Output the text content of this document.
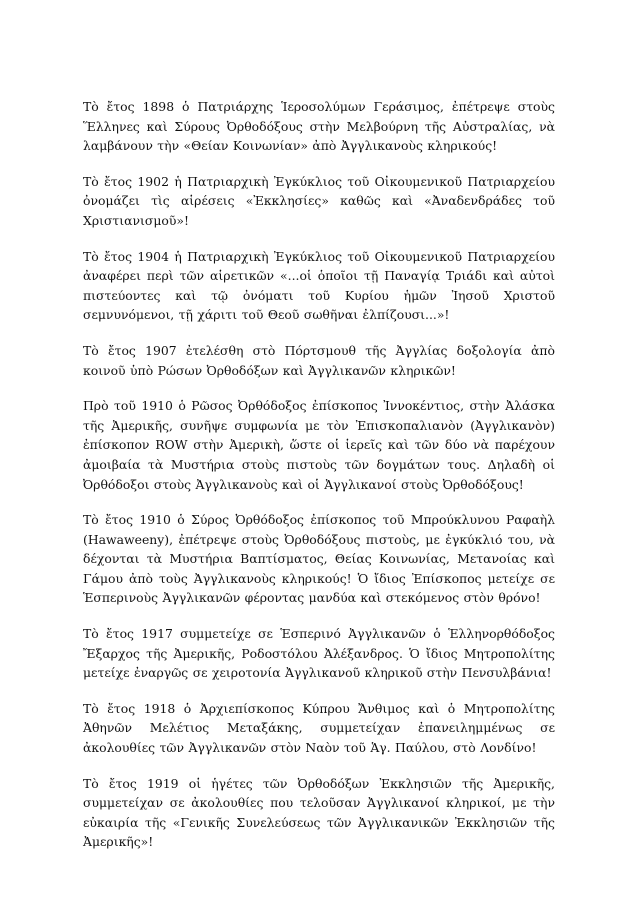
Τὸ ἔτος 1898 ὁ Πατριάρχης Ἱεροσολύμων Γεράσιμος, ἐπέτρεψε στοὺς Ἕλληνες καὶ Σύρους Ὀρθοδόξους στὴν Μελβούρνη τῆς Αὐστραλίας, νὰ λαμβάνουν τὴν «Θείαν Κοινωνίαν» ἀπὸ Ἀγγλικανοὺς κληρικούς!

Τὸ ἔτος 1902 ἡ Πατριαρχικὴ Ἐγκύκλιος τοῦ Οἰκουμενικοῦ Πατριαρχείου ὀνομάζει τὶς αἱρέσεις «Ἐκκλησίες» καθῶς καὶ «Ἀναδενδράδες τοῦ Χριστιανισμοῦ»!

Τὸ ἔτος 1904 ἡ Πατριαρχικὴ Ἐγκύκλιος τοῦ Οἰκουμενικοῦ Πατριαρχείου ἀναφέρει περὶ τῶν αἱρετικῶν «...οἱ ὁποῖοι τῇ Παναγίᾳ Τριάδι καὶ αὐτοὶ πιστεύοντες καὶ τῷ ὀνόματι τοῦ Κυρίου ἡμῶν Ἰησοῦ Χριστοῦ σεμνυνόμενοι, τῇ χάριτι τοῦ Θεοῦ σωθῆναι ἐλπίζουσι...»!

Τὸ ἔτος 1907 ἐτελέσθη στὸ Πόρτσμουθ τῆς Ἀγγλίας δοξολογία ἀπὸ κοινοῦ ὑπὸ Ρώσων Ὀρθοδόξων καὶ Ἀγγλικανῶν κληρικῶν!

Πρὸ τοῦ 1910 ὁ Ρῶσος Ὀρθόδοξος ἐπίσκοπος Ἰννοκέντιος, στὴν Ἀλάσκα τῆς Ἀμερικῆς, συνῆψε συμφωνία με τὸν Ἐπισκοπαλιανὸν (Ἀγγλικανὸν) ἐπίσκοπον ROW στὴν Ἀμερικὴ, ὥστε οἱ ἱερεῖς καὶ τῶν δύο νὰ παρέχουν ἀμοιβαία τὰ Μυστήρια στοὺς πιστοὺς τῶν δογμάτων τους. Δηλαδὴ οἱ Ὀρθόδοξοι στοὺς Ἀγγλικανοὺς καὶ οἱ Ἀγγλικανοί στοὺς Ὀρθοδόξους!

Τὸ ἔτος 1910 ὁ Σύρος Ὀρθόδοξος ἐπίσκοπος τοῦ Μπρούκλυνου Ραφαὴλ (Hawaweeny), ἐπέτρεψε στοὺς Ὀρθοδόξους πιστοὺς, με ἐγκύκλιό του, νὰ δέχονται τὰ Μυστήρια Βαπτίσματος, Θείας Κοινωνίας, Μετανοίας καὶ Γάμου ἀπὸ τοὺς Ἀγγλικανοὺς κληρικούς! Ὁ ἴδιος Ἐπίσκοπος μετείχε σε Ἑσπερινοὺς Ἀγγλικανῶν φέροντας μανδύα καὶ στεκόμενος στὸν θρόνο!

Τὸ ἔτος 1917 συμμετείχε σε Ἑσπερινό Ἀγγλικανῶν ὁ Ἑλληνορθόδοξος Ἔξαρχος τῆς Ἀμερικῆς, Ροδοστόλου Ἀλέξανδρος. Ὁ ἴδιος Μητροπολίτης μετείχε ἐναργῶς σε χειροτονία Ἀγγλικανοῦ κληρικοῦ στὴν Πενσυλβάνια!

Τὸ ἔτος 1918 ὁ Ἀρχιεπίσκοπος Κύπρου Ἄνθιμος καὶ ὁ Μητροπολίτης Ἀθηνῶν Μελέτιος Μεταξάκης, συμμετείχαν ἐπανειλημμένως σε ἀκολουθίες τῶν Ἀγγλικανῶν στὸν Ναὸν τοῦ Ἁγ. Παύλου, στὸ Λονδίνο!

Τὸ ἔτος 1919 οἱ ἡγέτες τῶν Ὀρθοδόξων Ἐκκλησιῶν τῆς Ἀμερικῆς, συμμετείχαν σε ἀκολουθίες που τελοῦσαν Ἀγγλικανοί κληρικοί, με τὴν εὐκαιρία τῆς «Γενικῆς Συνελεύσεως τῶν Ἀγγλικανικῶν Ἐκκλησιῶν τῆς Ἀμερικῆς»!
